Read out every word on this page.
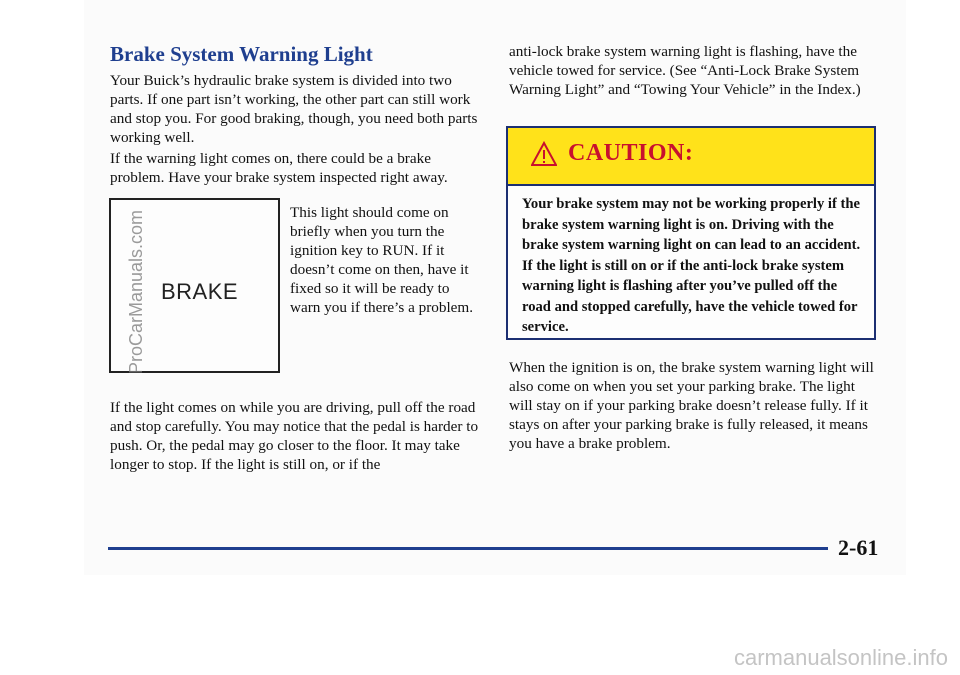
Brake System Warning Light

Your Buick’s hydraulic brake system is divided into two parts. If one part isn’t working, the other part can still work and stop you. For good braking, though, you need both parts working well.

If the warning light comes on, there could be a brake problem. Have your brake system inspected right away.

BRAKE

This light should come on briefly when you turn the ignition key to RUN. If it doesn’t come on then, have it fixed so it will be ready to warn you if there’s a problem.

If the light comes on while you are driving, pull off the road and stop carefully. You may notice that the pedal is harder to push. Or, the pedal may go closer to the floor. It may take longer to stop. If the light is still on, or if the

anti-lock brake system warning light is flashing, have the vehicle towed for service. (See “Anti-Lock Brake System Warning Light” and “Towing Your Vehicle” in the Index.)

CAUTION:

Your brake system may not be working properly if the brake system warning light is on. Driving with the brake system warning light on can lead to an accident. If the light is still on or if the anti-lock brake system warning light is flashing after you’ve pulled off the road and stopped carefully, have the vehicle towed for service.

When the ignition is on, the brake system warning light will also come on when you set your parking brake. The light will stay on if your parking brake doesn’t release fully. If it stays on after your parking brake is fully released, it means you have a brake problem.

2-61
ProCarManuals.com
carmanualsonline.info
